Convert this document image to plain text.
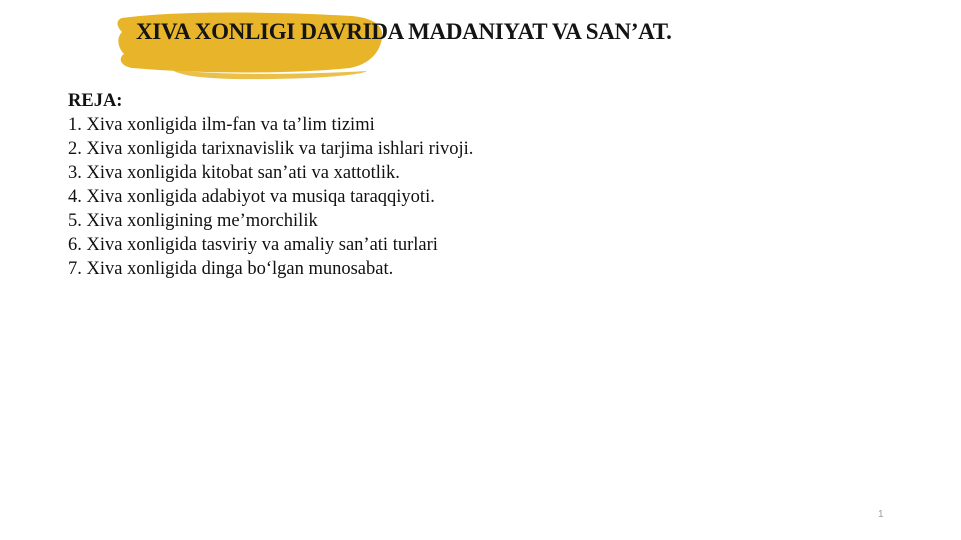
XIVA XONLIGI DAVRIDA MADANIYAT VA SAN’AT.

REJA:

1. Xiva xonligida ilm-fan va ta’lim tizimi
2. Xiva xonligida tarixnavislik va tarjima ishlari rivoji.
3. Xiva xonligida kitobat san’ati va xattotlik.
4. Xiva xonligida adabiyot va musiqa taraqqiyoti.
5. Xiva xonligining me’morchilik
6. Xiva xonligida tasviriy va amaliy san’ati turlari
7. Xiva xonligida dinga bo‘lgan munosabat.
1
